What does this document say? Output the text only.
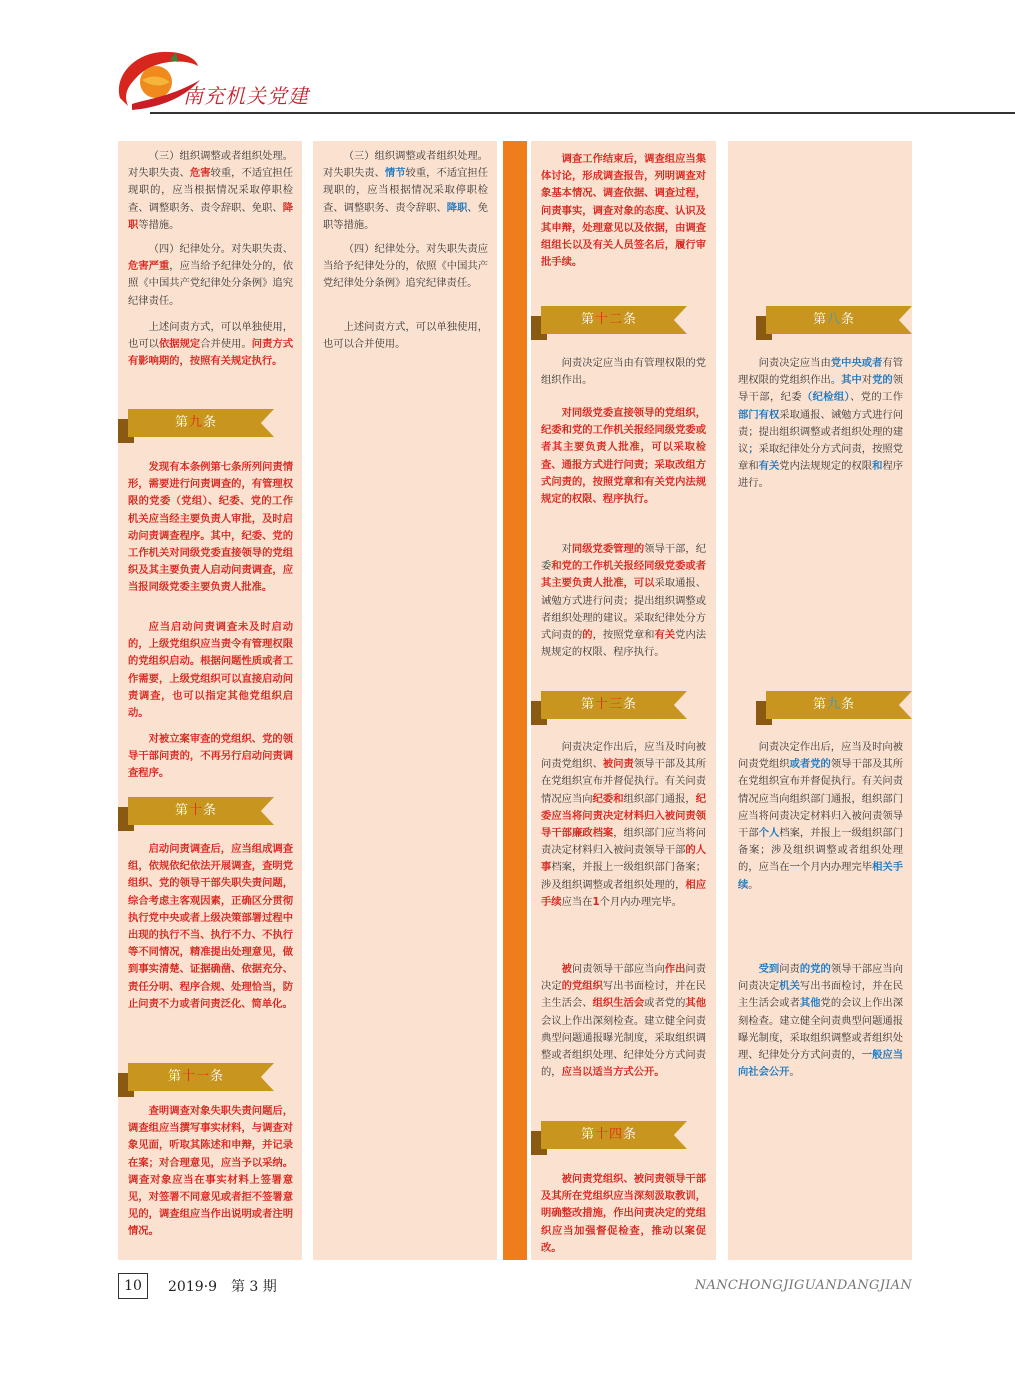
南充机关党建

（三）组织调整或者组织处理。对失职失责、危害较重，不适宜担任现职的，应当根据情况采取停职检查、调整职务、责令辞职、免职、降职等措施。

（四）纪律处分。对失职失责、危害严重，应当给予纪律处分的，依照《中国共产党纪律处分条例》追究纪律责任。

上述问责方式，可以单独使用，也可以依据规定合并使用。问责方式有影响期的，按照有关规定执行。

第九条

发现有本条例第七条所列问责情形，需要进行问责调查的，有管理权限的党委（党组）、纪委、党的工作机关应当经主要负责人审批，及时启动问责调查程序。其中，纪委、党的工作机关对同级党委直接领导的党组织及其主要负责人启动问责调查，应当报同级党委主要负责人批准。

应当启动问责调查未及时启动的，上级党组织应当责令有管理权限的党组织启动。根据问题性质或者工作需要，上级党组织可以直接启动问责调查，也可以指定其他党组织启动。

对被立案审查的党组织、党的领导干部问责的，不再另行启动问责调查程序。

第十条

启动问责调查后，应当组成调查组，依规依纪依法开展调查，查明党组织、党的领导干部失职失责问题，综合考虑主客观因素，正确区分贯彻执行党中央或者上级决策部署过程中出现的执行不当、执行不力、不执行等不同情况，精准提出处理意见，做到事实清楚、证据确凿、依据充分、责任分明、程序合规、处理恰当，防止问责不力或者问责泛化、简单化。

第十一条

查明调查对象失职失责问题后，调查组应当撰写事实材料，与调查对象见面，听取其陈述和申辩，并记录在案；对合理意见，应当予以采纳。调查对象应当在事实材料上签署意见，对签署不同意见或者拒不签署意见的，调查组应当作出说明或者注明情况。

（三）组织调整或者组织处理。对失职失责、情节较重，不适宜担任现职的，应当根据情况采取停职检查、调整职务、责令辞职、降职、免职等措施。

（四）纪律处分。对失职失责应当给予纪律处分的，依照《中国共产党纪律处分条例》追究纪律责任。

上述问责方式，可以单独使用，也可以合并使用。

调查工作结束后，调查组应当集体讨论，形成调查报告，列明调查对象基本情况、调查依据、调查过程，问责事实，调查对象的态度、认识及其申辩，处理意见以及依据，由调查组组长以及有关人员签名后，履行审批手续。

第十二条

问责决定应当由有管理权限的党组织作出。

对同级党委直接领导的党组织，纪委和党的工作机关报经同级党委或者其主要负责人批准，可以采取检查、通报方式进行问责；采取改组方式问责的，按照党章和有关党内法规规定的权限、程序执行。

对同级党委管理的领导干部，纪委和党的工作机关报经同级党委或者其主要负责人批准，可以采取通报、诫勉方式进行问责；提出组织调整或者组织处理的建议。采取纪律处分方式问责的的，按照党章和有关党内法规规定的权限、程序执行。

第十三条

问责决定作出后，应当及时向被问责党组织、被问责领导干部及其所在党组织宣布并督促执行。有关问责情况应当向纪委和组织部门通报，纪委应当将问责决定材料归入被问责领导干部廉政档案，组织部门应当将问责决定材料归入被问责领导干部的人事档案，并报上一级组织部门备案；涉及组织调整或者组织处理的，相应手续应当在1个月内办理完毕。

被问责领导干部应当向作出问责决定的党组织写出书面检讨，并在民主生活会、组织生活会或者党的其他会议上作出深刻检查。建立健全问责典型问题通报曝光制度，采取组织调整或者组织处理、纪律处分方式问责的，应当以适当方式公开。

第十四条

被问责党组织、被问责领导干部及其所在党组织应当深刻汲取教训，明确整改措施，作出问责决定的党组织应当加强督促检查，推动以案促改。

第八条

问责决定应当由党中央或者有管理权限的党组织作出。其中对党的领导干部，纪委（纪检组）、党的工作部门有权采取通报、诫勉方式进行问责；提出组织调整或者组织处理的建议；采取纪律处分方式问责，按照党章和有关党内法规规定的权限和程序进行。

第九条

问责决定作出后，应当及时向被问责党组织或者党的领导干部及其所在党组织宣布并督促执行。有关问责情况应当向组织部门通报，组织部门应当将问责决定材料归入被问责领导干部个人档案，并报上一级组织部门备案；涉及组织调整或者组织处理的，应当在一个月内办理完毕相关手续。

受到问责的党的领导干部应当向问责决定机关写出书面检讨，并在民主生活会或者其他党的会议上作出深刻检查。建立健全问责典型问题通报曝光制度，采取组织调整或者组织处理、纪律处分方式问责的，一般应当向社会公开。

10	2019·9　第 3 期	NANCHONGJIGUANDANGJIAN
